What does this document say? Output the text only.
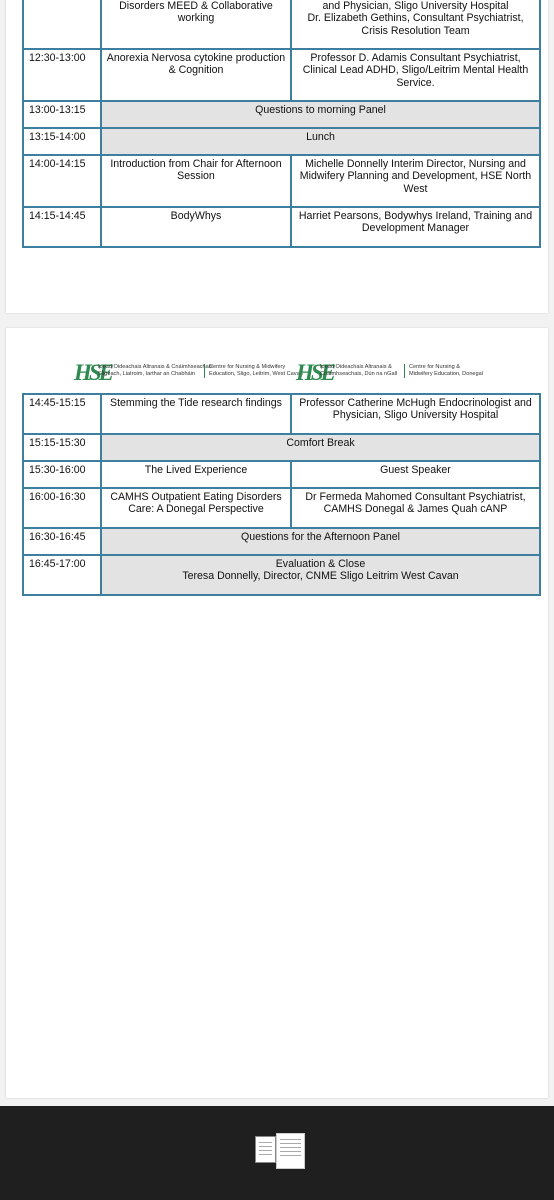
	Disorders MEED & Collaborative working	and Physician, Sligo University Hospital
Dr. Elizabeth Gethins, Consultant Psychiatrist, Crisis Resolution Team

12:30-13:00	Anorexia Nervosa cytokine production & Cognition	Professor D. Adamis Consultant Psychiatrist, Clinical Lead ADHD, Sligo/Leitrim Mental Health Service.
13:00-13:15	Questions to morning Panel	
13:15-14:00	Lunch	
14:00-14:15	Introduction from Chair for Afternoon Session	Michelle Donnelly Interim Director, Nursing and Midwifery Planning and Development, HSE North West
14:15-14:45	BodyWhys	Harriet Pearsons, Bodywhys Ireland, Training and Development Manager
HSE
Ionad Oideachais Altranais & Cnáimhseachais
Sligeach, Liatroim, Iarthar an Chabháin
Centre for Nursing & Midwifery
Education, Sligo, Leitrim, West Cavan
HSE
Ionad Oideachais Altranais &
Cnáimhseachais, Dún na nGall
Centre for Nursing &
Midwifery Education, Donegal
14:45-15:15	Stemming the Tide research findings	Professor Catherine McHugh Endocrinologist and Physician, Sligo University Hospital
15:15-15:30	Comfort Break	
15:30-16:00	The Lived Experience	Guest Speaker
16:00-16:30	CAMHS Outpatient Eating Disorders Care: A Donegal Perspective	Dr Fermeda Mahomed Consultant Psychiatrist, CAMHS Donegal & James Quah cANP
16:30-16:45	Questions for the Afternoon Panel	
16:45-17:00	Evaluation & Close
Teresa Donnelly, Director, CNME Sligo Leitrim West Cavan	
